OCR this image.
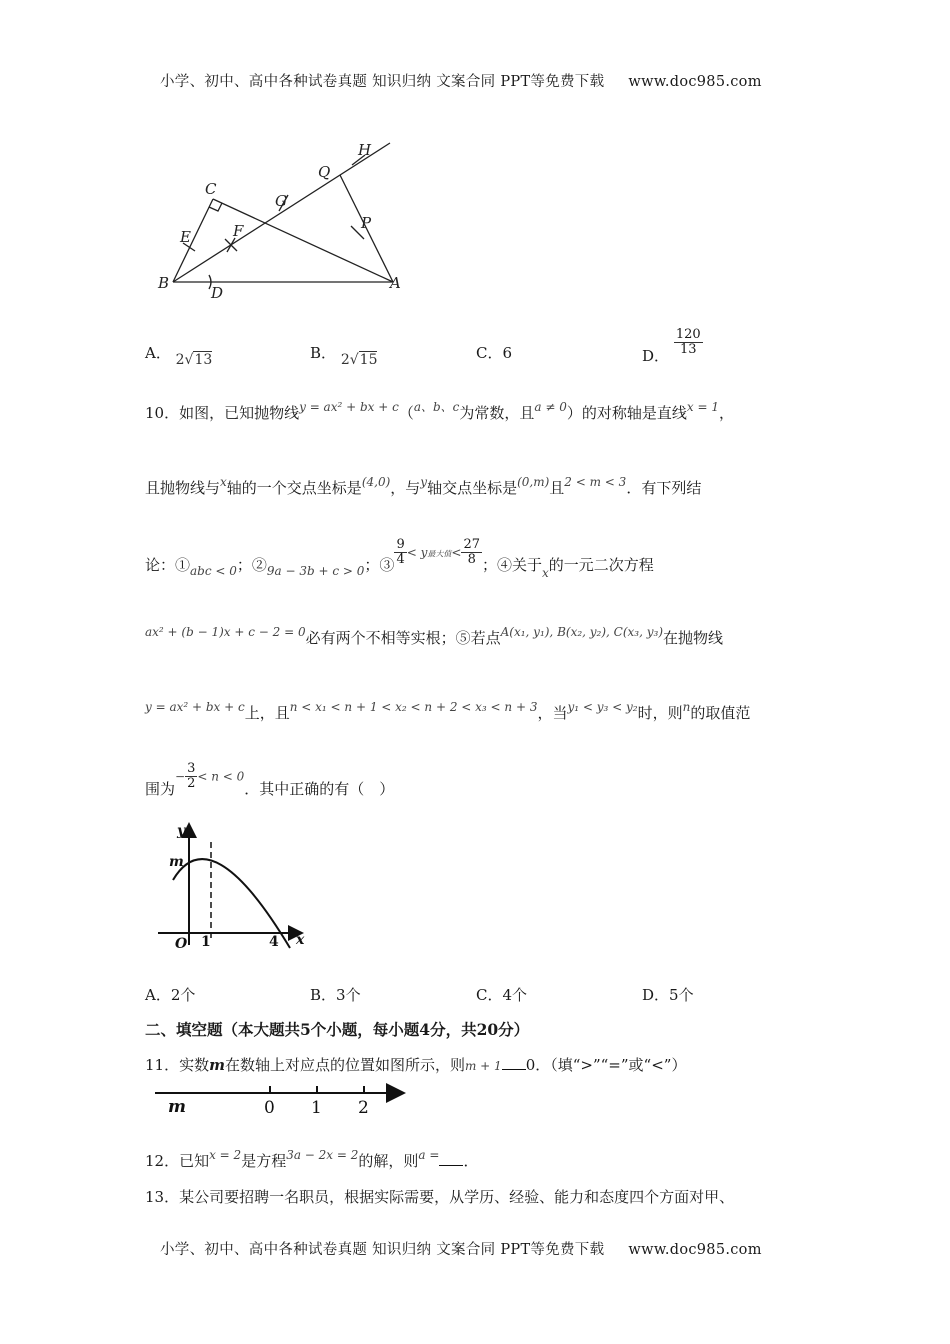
小学、初中、高中各种试卷真题 知识归纳 文案合同 PPT等免费下载 www.doc985.com
H
Q
C
G
P
E	F
B
D
A
A． 2√13	B． 2√15	C．6	D． $\frac{120}{13}$
10．如图，已知抛物线$^{y = ax^2 + bx + c}$（$^{a、b、c}$为常数，且$^{a \ne 0}$）的对称轴是直线$^{x = 1}$，
且抛物线与$^x$轴的一个交点坐标是$^{(4,0)}$，与$^y$轴交点坐标是$^{(0,m)}$且$^{2 < m < 3}$．有下列结
论：$①_{abc < 0}$；$②_{9a - 3b + c > 0}$；③ $\frac{9}{4} < y$最大值< $\frac{27}{8}$ ；④关于$_x$的一元二次方程
$^{ax^2 + (b - 1)x + c - 2 = 0}$必有两个不相等实根；⑤若点$^{A(x_1, y_1), B(x_2, y_2), C(x_3, y_3)}$在抛物线
$^{y = ax^2 + bx + c}$上，且$^{n < x_1 < n + 1 < x_2 < n + 2 < x_3 < n + 3}$，当$^{y_1 < y_3 < y_2}$时，则$^n$的取值范
围为− $\frac{3}{2} < n < 0$．其中正确的有（　）
y
m
O 1	4 x
A．2个	B．3个	C．4个	D．5个
二、填空题（本大题共5个小题，每小题4分，共20分）
11．实数m在数轴上对应点的位置如图所示，则m + 1 0．（填“>”“=”或“<”）
m	0 1 2
12．已知$^{x = 2}$是方程$^{3a - 2x = 2}$的解，则$^{a =}$ ．
13．某公司要招聘一名职员，根据实际需要，从学历、经验、能力和态度四个方面对甲、
小学、初中、高中各种试卷真题 知识归纳 文案合同 PPT等免费下载 www.doc985.com
